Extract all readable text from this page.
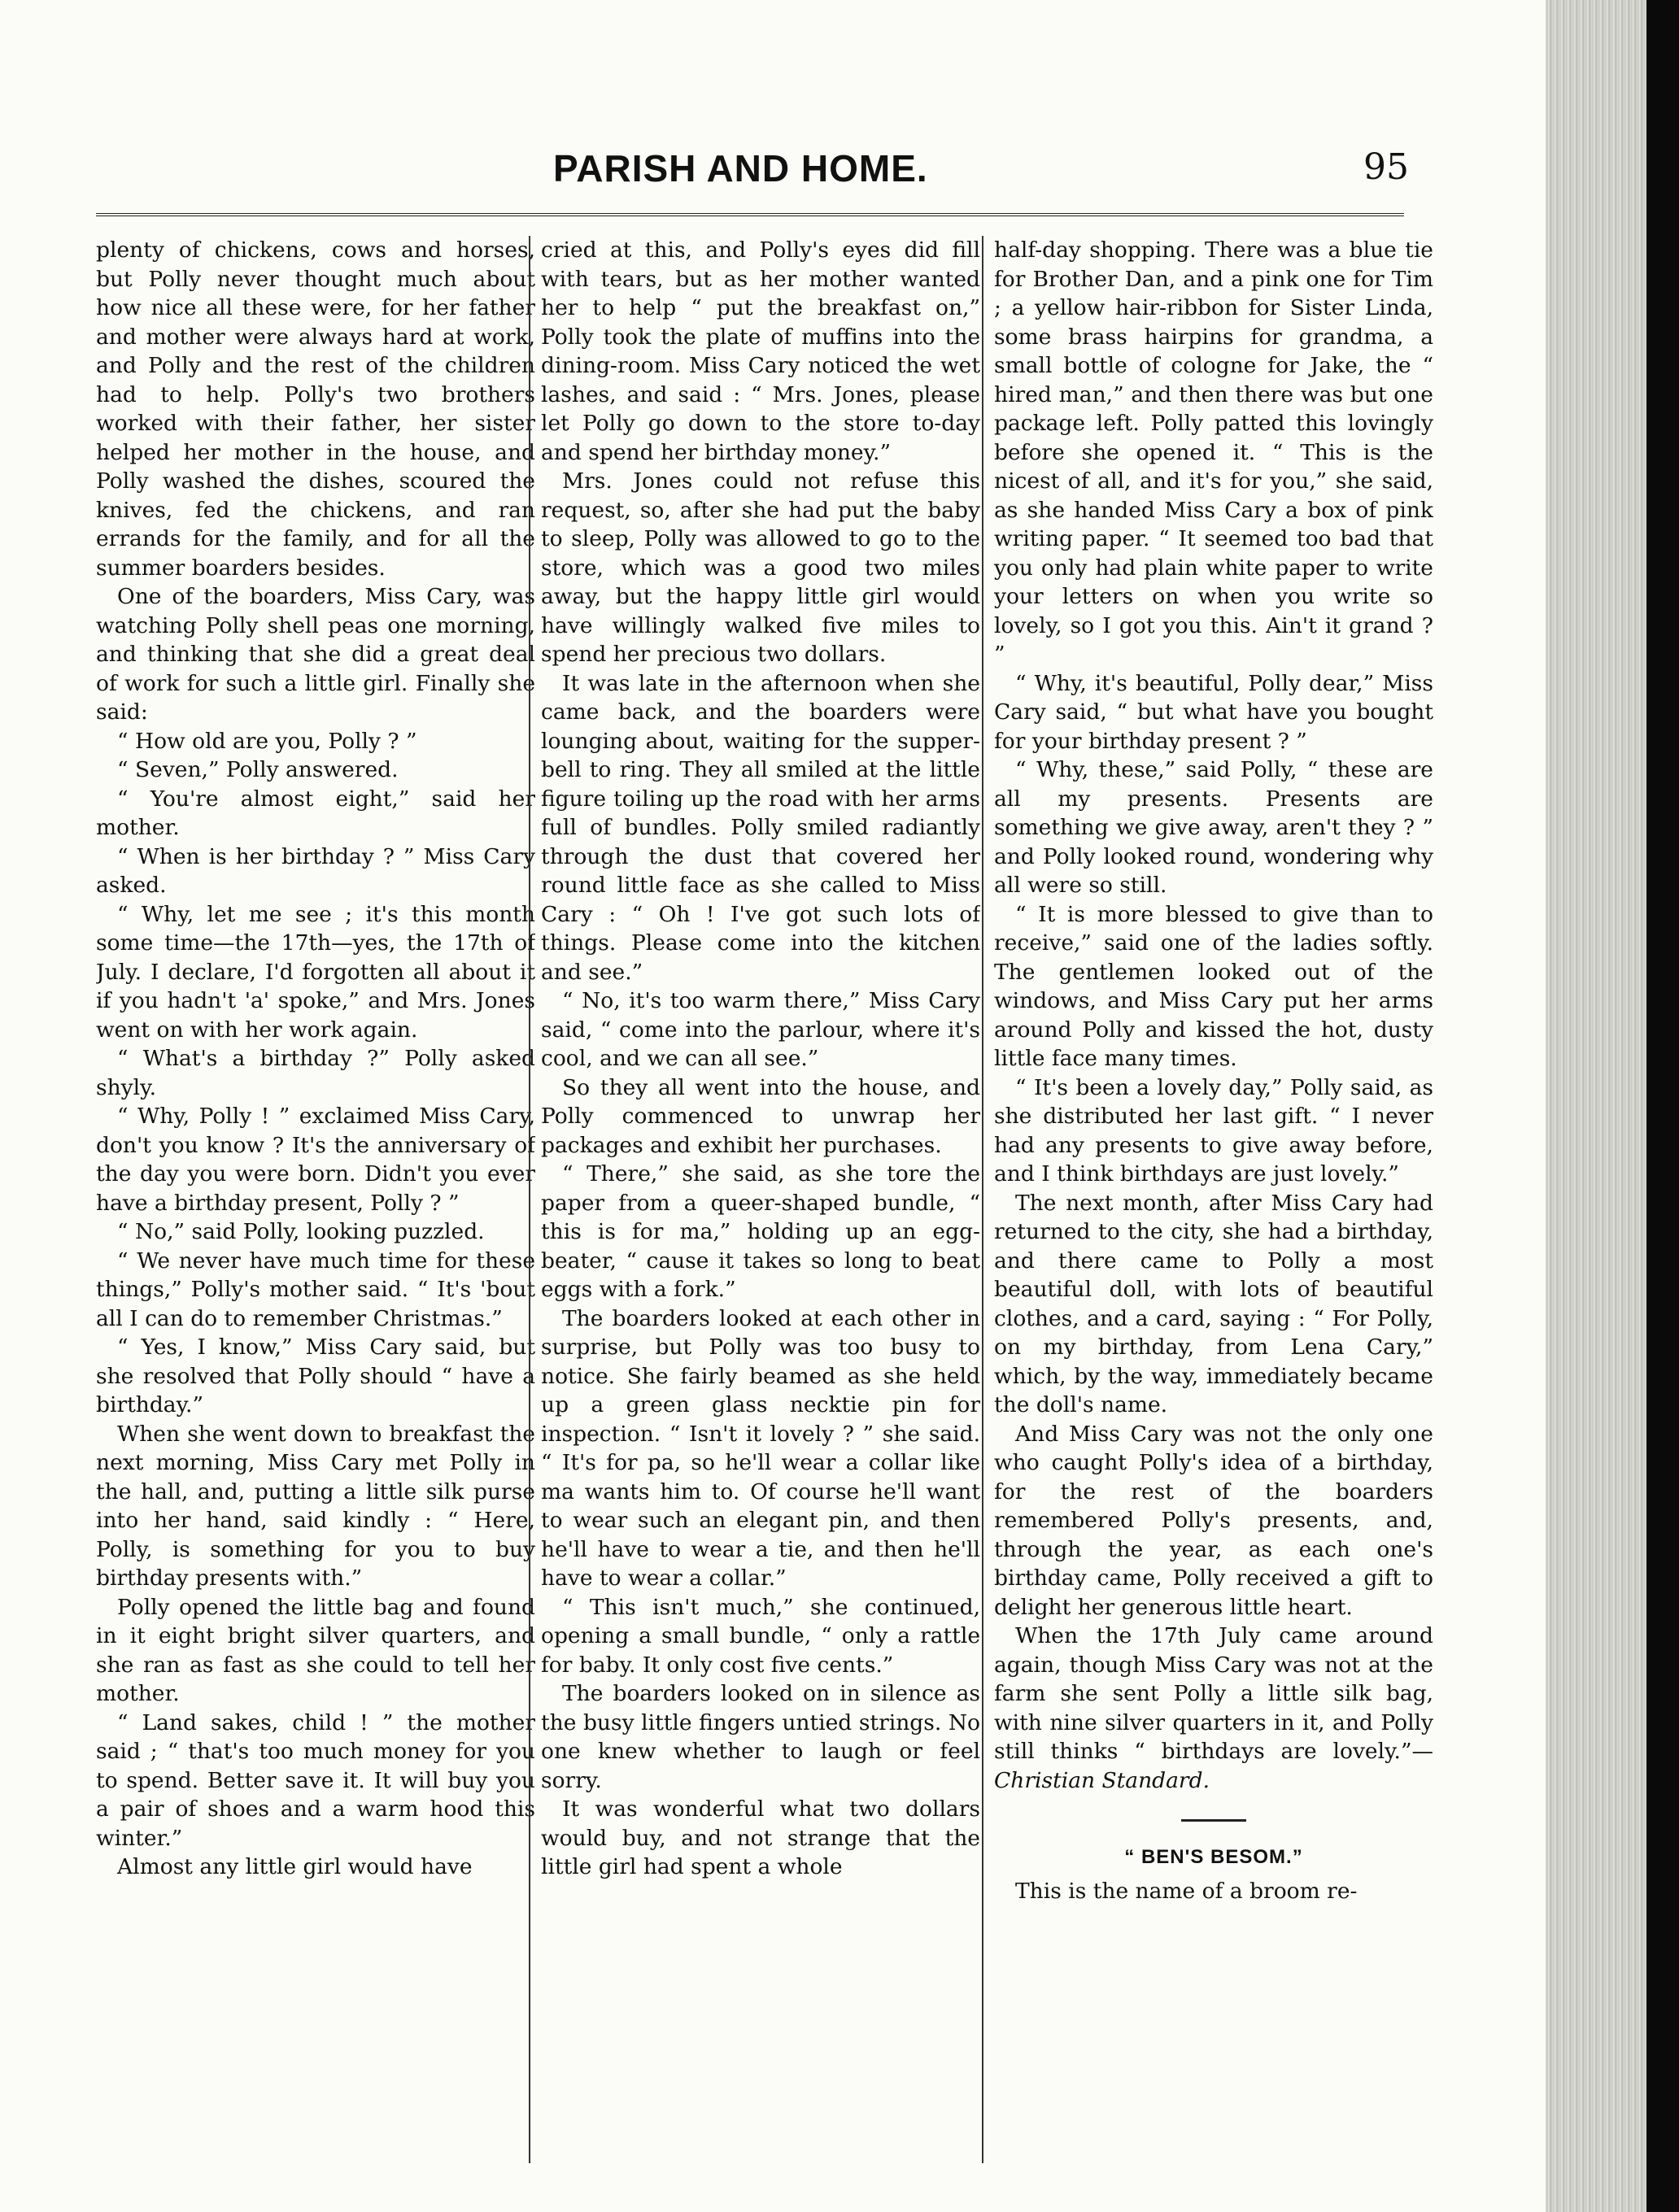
PARISH AND HOME.	95

plenty of chickens, cows and horses, but Polly never thought much about how nice all these were, for her father and mother were always hard at work, and Polly and the rest of the children had to help. Polly's two brothers worked with their father, her sister helped her mother in the house, and Polly washed the dishes, scoured the knives, fed the chickens, and ran errands for the family, and for all the summer boarders besides.

One of the boarders, Miss Cary, was watching Polly shell peas one morning, and thinking that she did a great deal of work for such a little girl. Finally she said:

“ How old are you, Polly ? ”

“ Seven,” Polly answered.

“ You're almost eight,” said her mother.

“ When is her birthday ? ” Miss Cary asked.

“ Why, let me see ; it's this month some time—the 17th—yes, the 17th of July. I declare, I'd forgotten all about it if you hadn't 'a' spoke,” and Mrs. Jones went on with her work again.

“ What's a birthday ?” Polly asked shyly.

“ Why, Polly ! ” exclaimed Miss Cary, don't you know ? It's the anniversary of the day you were born. Didn't you ever have a birthday present, Polly ? ”

“ No,” said Polly, looking puzzled.

“ We never have much time for these things,” Polly's mother said. “ It's 'bout all I can do to remember Christmas.”

“ Yes, I know,” Miss Cary said, but she resolved that Polly should “ have a birthday.”

When she went down to breakfast the next morning, Miss Cary met Polly in the hall, and, putting a little silk purse into her hand, said kindly : “ Here, Polly, is something for you to buy birthday presents with.”

Polly opened the little bag and found in it eight bright silver quarters, and she ran as fast as she could to tell her mother.

“ Land sakes, child ! ” the mother said ; “ that's too much money for you to spend. Better save it. It will buy you a pair of shoes and a warm hood this winter.”

Almost any little girl would have

cried at this, and Polly's eyes did fill with tears, but as her mother wanted her to help “ put the breakfast on,” Polly took the plate of muffins into the dining-room. Miss Cary noticed the wet lashes, and said : “ Mrs. Jones, please let Polly go down to the store to-day and spend her birthday money.”

Mrs. Jones could not refuse this request, so, after she had put the baby to sleep, Polly was allowed to go to the store, which was a good two miles away, but the happy little girl would have willingly walked five miles to spend her precious two dollars.

It was late in the afternoon when she came back, and the boarders were lounging about, waiting for the supper-bell to ring. They all smiled at the little figure toiling up the road with her arms full of bundles. Polly smiled radiantly through the dust that covered her round little face as she called to Miss Cary : “ Oh ! I've got such lots of things. Please come into the kitchen and see.”

“ No, it's too warm there,” Miss Cary said, “ come into the parlour, where it's cool, and we can all see.”

So they all went into the house, and Polly commenced to unwrap her packages and exhibit her purchases.

“ There,” she said, as she tore the paper from a queer-shaped bundle, “ this is for ma,” holding up an egg-beater, “ cause it takes so long to beat eggs with a fork.”

The boarders looked at each other in surprise, but Polly was too busy to notice. She fairly beamed as she held up a green glass necktie pin for inspection. “ Isn't it lovely ? ” she said. “ It's for pa, so he'll wear a collar like ma wants him to. Of course he'll want to wear such an elegant pin, and then he'll have to wear a tie, and then he'll have to wear a collar.”

“ This isn't much,” she continued, opening a small bundle, “ only a rattle for baby. It only cost five cents.”

The boarders looked on in silence as the busy little fingers untied strings. No one knew whether to laugh or feel sorry.

It was wonderful what two dollars would buy, and not strange that the little girl had spent a whole

half-day shopping. There was a blue tie for Brother Dan, and a pink one for Tim ; a yellow hair-ribbon for Sister Linda, some brass hairpins for grandma, a small bottle of cologne for Jake, the “ hired man,” and then there was but one package left. Polly patted this lovingly before she opened it. “ This is the nicest of all, and it's for you,” she said, as she handed Miss Cary a box of pink writing paper. “ It seemed too bad that you only had plain white paper to write your letters on when you write so lovely, so I got you this. Ain't it grand ? ”

“ Why, it's beautiful, Polly dear,” Miss Cary said, “ but what have you bought for your birthday present ? ”

“ Why, these,” said Polly, “ these are all my presents. Presents are something we give away, aren't they ? ” and Polly looked round, wondering why all were so still.

“ It is more blessed to give than to receive,” said one of the ladies softly. The gentlemen looked out of the windows, and Miss Cary put her arms around Polly and kissed the hot, dusty little face many times.

“ It's been a lovely day,” Polly said, as she distributed her last gift. “ I never had any presents to give away before, and I think birthdays are just lovely.”

The next month, after Miss Cary had returned to the city, she had a birthday, and there came to Polly a most beautiful doll, with lots of beautiful clothes, and a card, saying : “ For Polly, on my birthday, from Lena Cary,” which, by the way, immediately became the doll's name.

And Miss Cary was not the only one who caught Polly's idea of a birthday, for the rest of the boarders remembered Polly's presents, and, through the year, as each one's birthday came, Polly received a gift to delight her generous little heart.

When the 17th July came around again, though Miss Cary was not at the farm she sent Polly a little silk bag, with nine silver quarters in it, and Polly still thinks “ birthdays are lovely.”—Christian Standard.

“ BEN'S BESOM.”

This is the name of a broom re-
